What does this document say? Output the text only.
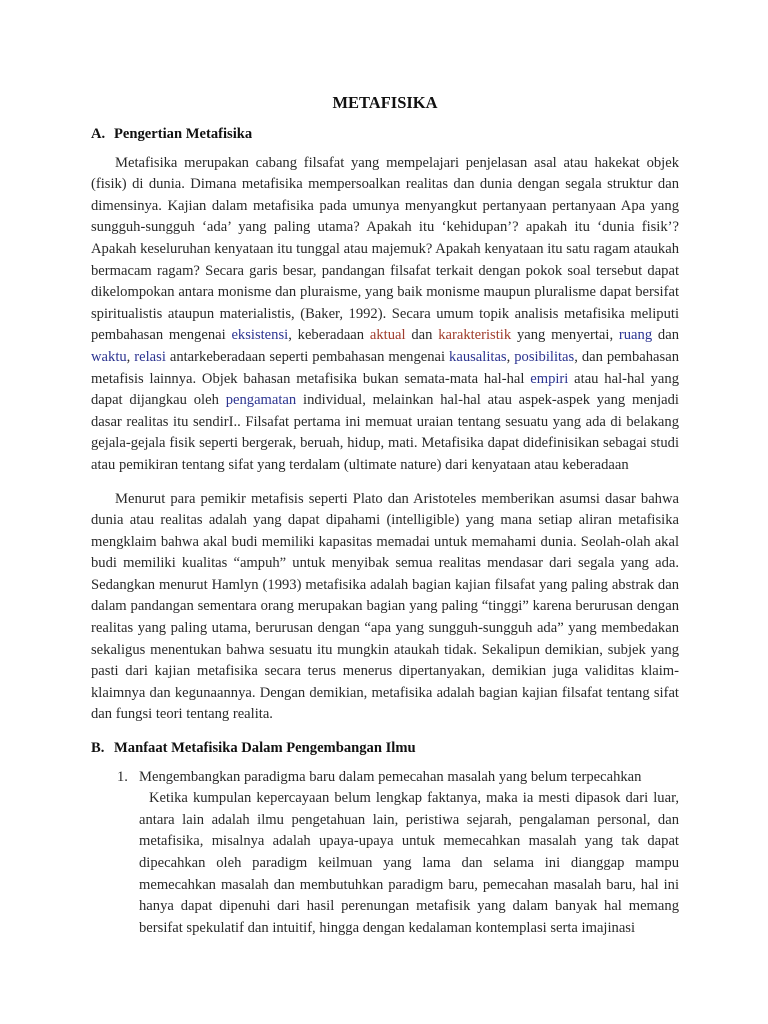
METAFISIKA
A. Pengertian Metafisika

Metafisika merupakan cabang filsafat yang mempelajari penjelasan asal atau hakekat objek (fisik) di dunia. Dimana metafisika mempersoalkan realitas dan dunia dengan segala struktur dan dimensinya. Kajian dalam metafisika pada umunya menyangkut pertanyaan pertanyaan Apa yang sungguh-sungguh ‘ada’ yang paling utama? Apakah itu ‘kehidupan’? apakah itu ‘dunia fisik’? Apakah keseluruhan kenyataan itu tunggal atau majemuk? Apakah kenyataan itu satu ragam ataukah bermacam ragam? Secara garis besar, pandangan filsafat terkait dengan pokok soal tersebut dapat dikelompokan antara monisme dan pluraisme, yang baik monisme maupun pluralisme dapat bersifat spiritualistis ataupun materialistis, (Baker, 1992). Secara umum topik analisis metafisika meliputi pembahasan mengenai eksistensi, keberadaan aktual dan karakteristik yang menyertai, ruang dan waktu, relasi antarkeberadaan seperti pembahasan mengenai kausalitas, posibilitas, dan pembahasan metafisis lainnya. Objek bahasan metafisika bukan semata-mata hal-hal empiri atau hal-hal yang dapat dijangkau oleh pengamatan individual, melainkan hal-hal atau aspek-aspek yang menjadi dasar realitas itu sendirI.. Filsafat pertama ini memuat uraian tentang sesuatu yang ada di belakang gejala-gejala fisik seperti bergerak, beruah, hidup, mati. Metafisika dapat didefinisikan sebagai studi atau pemikiran tentang sifat yang terdalam (ultimate nature) dari kenyataan atau keberadaan

Menurut para pemikir metafisis seperti Plato dan Aristoteles memberikan asumsi dasar bahwa dunia atau realitas adalah yang dapat dipahami (intelligible) yang mana setiap aliran metafisika mengklaim bahwa akal budi memiliki kapasitas memadai untuk memahami dunia. Seolah-olah akal budi memiliki kualitas “ampuh” untuk menyibak semua realitas mendasar dari segala yang ada. Sedangkan menurut Hamlyn (1993) metafisika adalah bagian kajian filsafat yang paling abstrak dan dalam pandangan sementara orang merupakan bagian yang paling “tinggi” karena berurusan dengan realitas yang paling utama, berurusan dengan “apa yang sungguh-sungguh ada” yang membedakan sekaligus menentukan bahwa sesuatu itu mungkin ataukah tidak. Sekalipun demikian, subjek yang pasti dari kajian metafisika secara terus menerus dipertanyakan, demikian juga validitas klaim-klaimnya dan kegunaannya. Dengan demikian, metafisika adalah bagian kajian filsafat tentang sifat dan fungsi teori tentang realita.

B. Manfaat Metafisika Dalam Pengembangan Ilmu
1. Mengembangkan paradigma baru dalam pemecahan masalah yang belum terpecahkan

Ketika kumpulan kepercayaan belum lengkap faktanya, maka ia mesti dipasok dari luar, antara lain adalah ilmu pengetahuan lain, peristiwa sejarah, pengalaman personal, dan metafisika, misalnya adalah upaya-upaya untuk memecahkan masalah yang tak dapat dipecahkan oleh paradigm keilmuan yang lama dan selama ini dianggap mampu memecahkan masalah dan membutuhkan paradigm baru, pemecahan masalah baru, hal ini hanya dapat dipenuhi dari hasil perenungan metafisik yang dalam banyak hal memang bersifat spekulatif dan intuitif, hingga dengan kedalaman kontemplasi serta imajinasi
